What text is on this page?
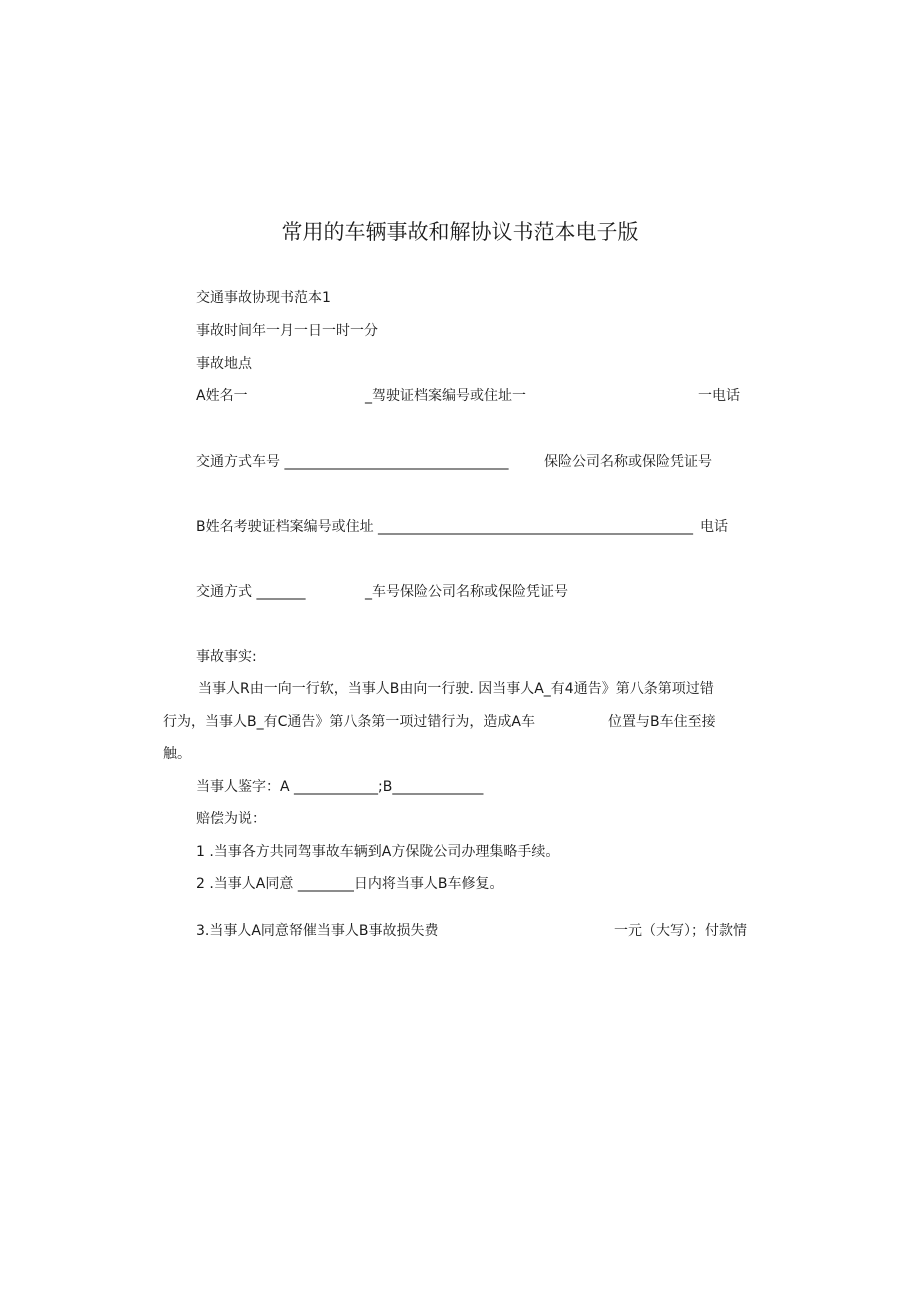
常用的车辆事故和解协议书范本电子版
交通事故协现书范本1
事故时间年一月一日一时一分
事故地点
A姓名一	_驾驶证档案编号或住址一	一电话
交通方式车号 ________________________________	保险公司名称或保险凭证号
B姓名考驶证档案编号或住址 _____________________________________________ 电话
交通方式 _______	_车号保险公司名称或保险凭证号
事故事实:
当事人R由一向一行软，当事人B由向一行驶. 因当事人A_有4通告》第八条第项过错
行为，当事人B_有C通告》第八条第一项过错行为，造成A车	位置与B车住至接
触。
当事人鉴字：A ____________;B_____________
赔偿为说：
1 .当事各方共同驾事故车辆到A方保陇公司办理集略手续。
2 .当事人A同意 ________日内将当事人B车修复。
3.当事人A同意帑催当事人B事故损失费	一元（大写）；付款情
